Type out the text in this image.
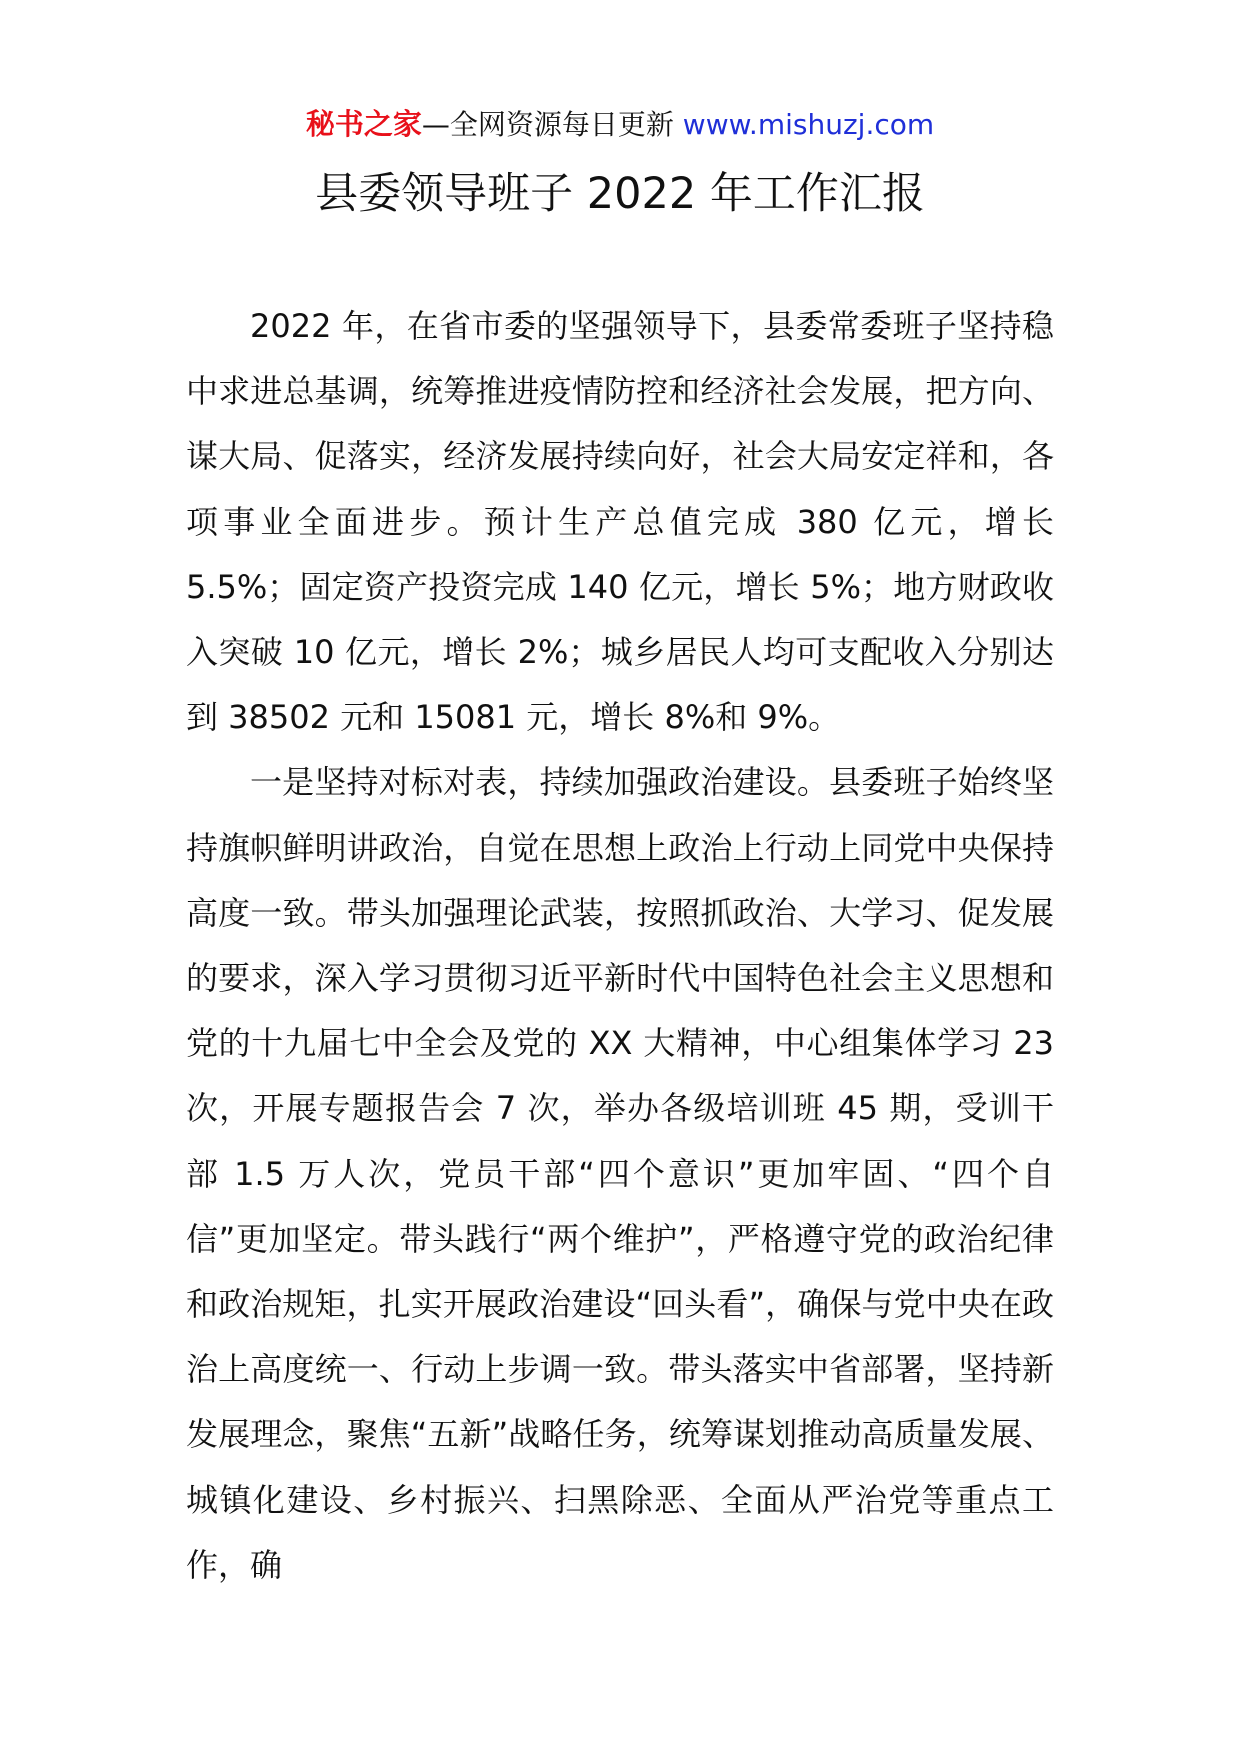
秘书之家—全网资源每日更新 www.mishuzj.com
县委领导班子 2022 年工作汇报

2022 年，在省市委的坚强领导下，县委常委班子坚持稳中求进总基调，统筹推进疫情防控和经济社会发展，把方向、谋大局、促落实，经济发展持续向好，社会大局安定祥和，各项事业全面进步。预计生产总值完成 380 亿元，增长 5.5%；固定资产投资完成 140 亿元，增长 5%；地方财政收入突破 10 亿元，增长 2%；城乡居民人均可支配收入分别达到 38502 元和 15081 元，增长 8%和 9%。

一是坚持对标对表，持续加强政治建设。县委班子始终坚持旗帜鲜明讲政治，自觉在思想上政治上行动上同党中央保持高度一致。带头加强理论武装，按照抓政治、大学习、促发展的要求，深入学习贯彻习近平新时代中国特色社会主义思想和党的十九届七中全会及党的 XX 大精神，中心组集体学习 23 次，开展专题报告会 7 次，举办各级培训班 45 期，受训干部 1.5 万人次，党员干部“四个意识”更加牢固、“四个自信”更加坚定。带头践行“两个维护”，严格遵守党的政治纪律和政治规矩，扎实开展政治建设“回头看”，确保与党中央在政治上高度统一、行动上步调一致。带头落实中省部署，坚持新发展理念，聚焦“五新”战略任务，统筹谋划推动高质量发展、城镇化建设、乡村振兴、扫黑除恶、全面从严治党等重点工作，确
